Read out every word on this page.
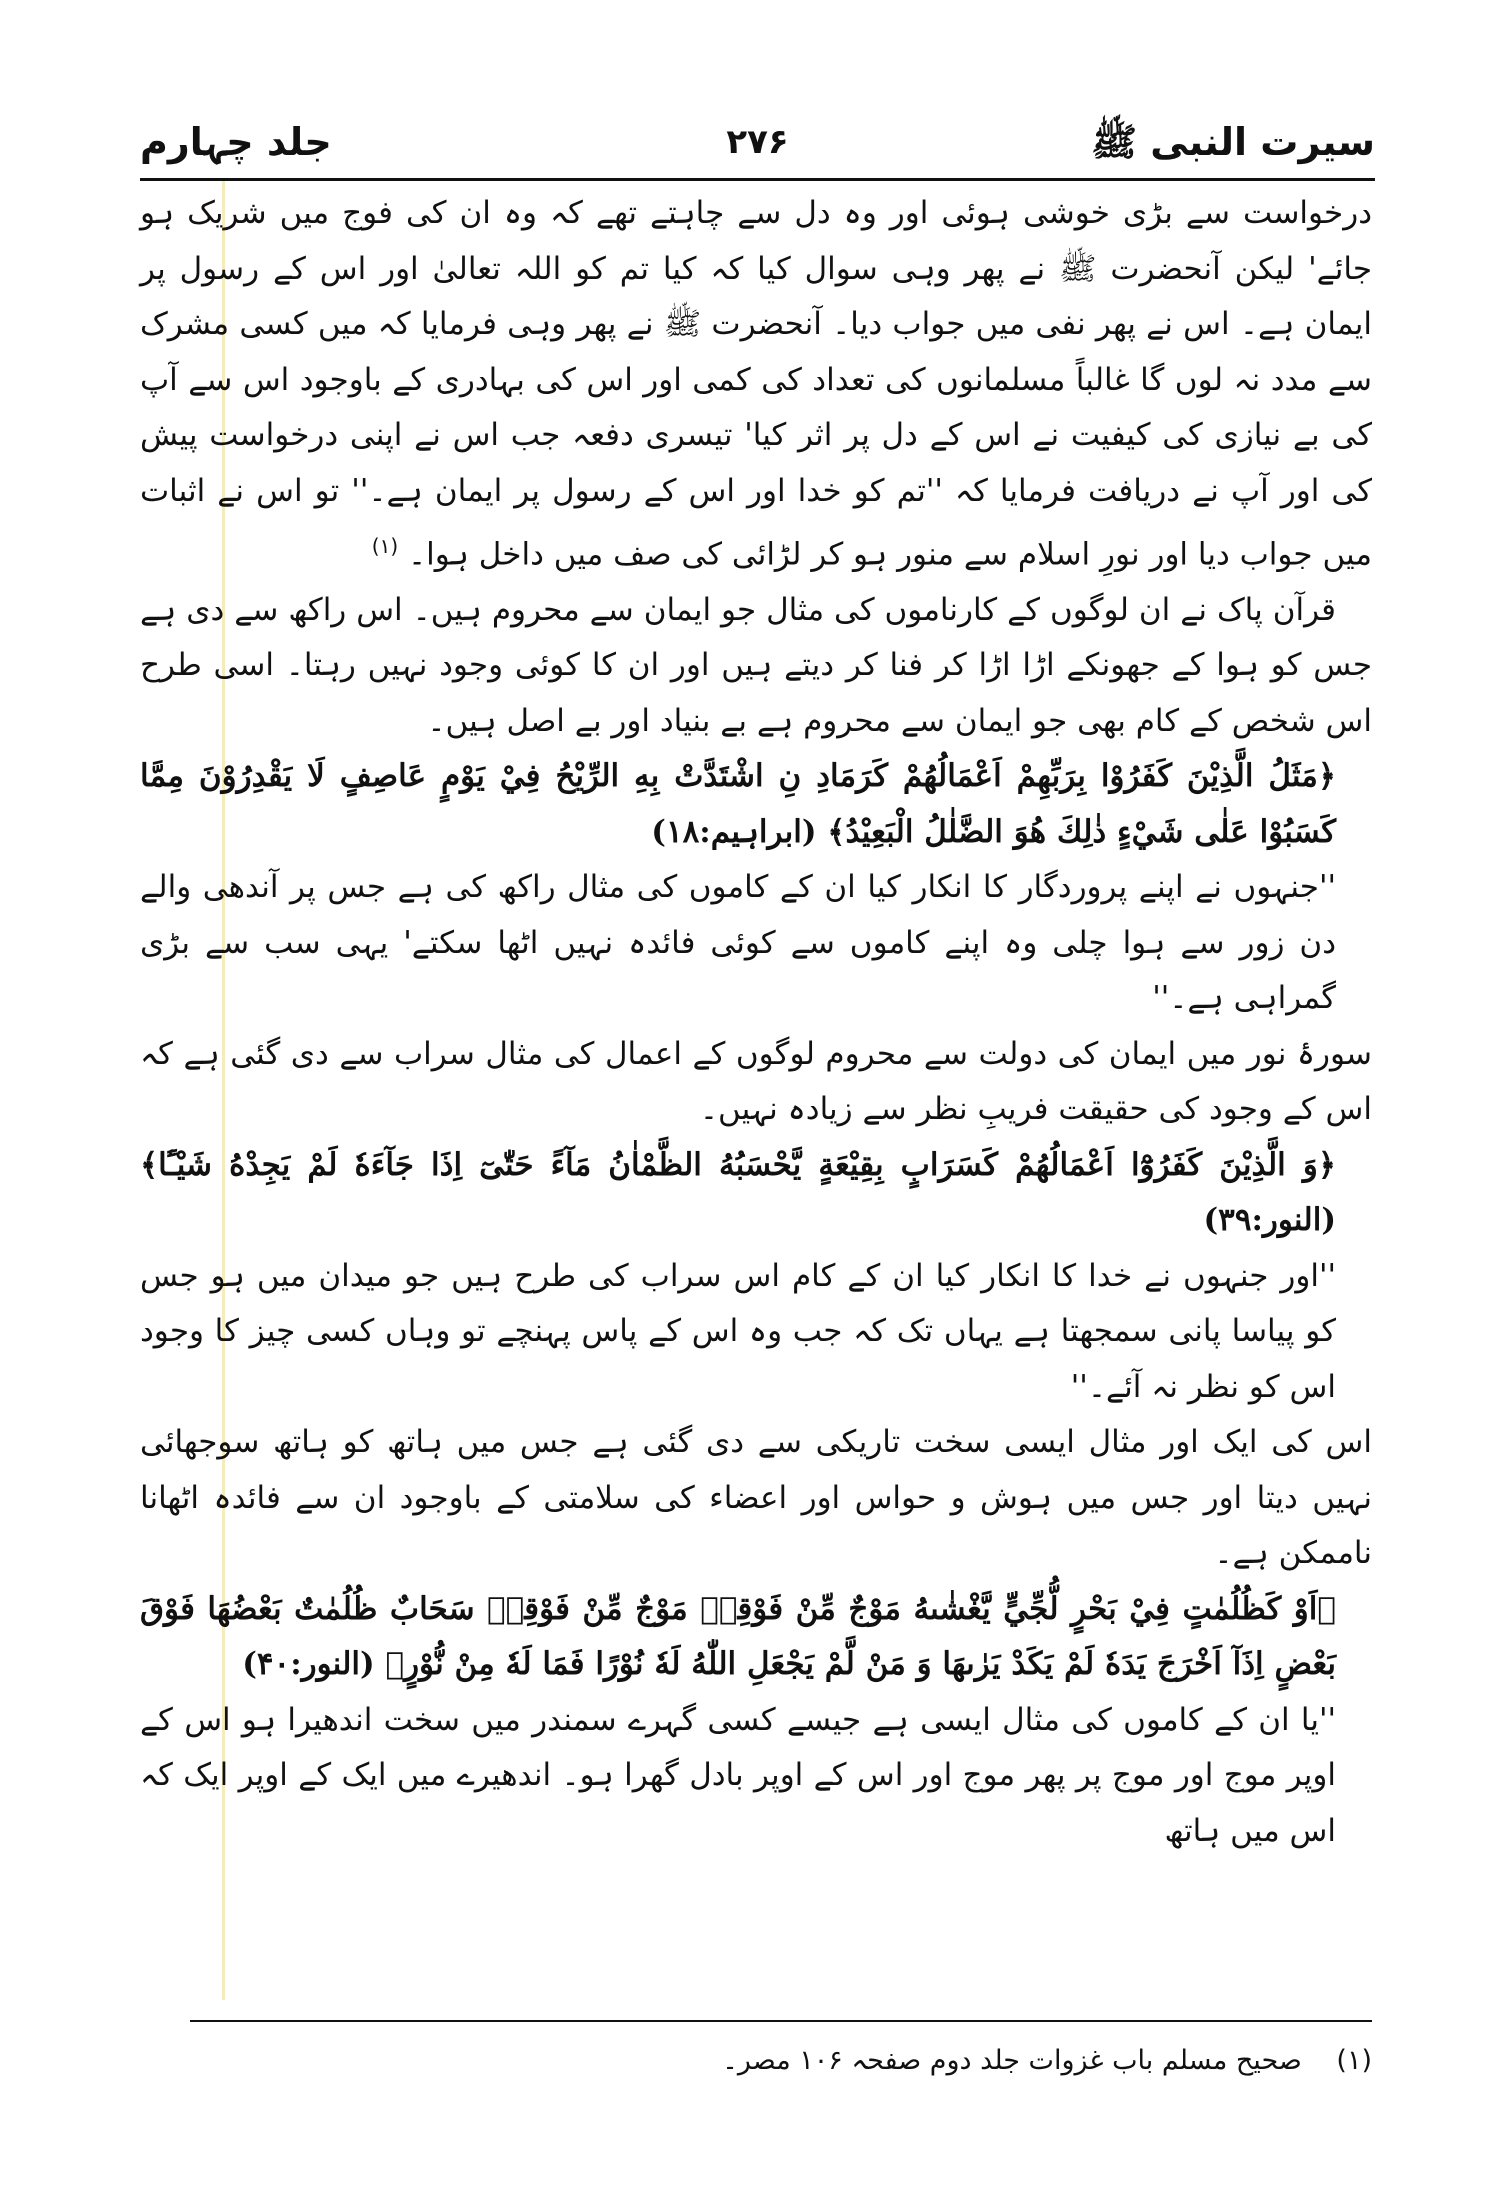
سیرت النبی ﷺ
۲۷۶
جلد چہارم

درخواست سے بڑی خوشی ہوئی اور وہ دل سے چاہتے تھے کہ وہ ان کی فوج میں شریک ہو جائے' لیکن آنحضرت ﷺ نے پھر وہی سوال کیا کہ کیا تم کو اللہ تعالیٰ اور اس کے رسول پر ایمان ہے۔ اس نے پھر نفی میں جواب دیا۔ آنحضرت ﷺ نے پھر وہی فرمایا کہ میں کسی مشرک سے مدد نہ لوں گا غالباً مسلمانوں کی تعداد کی کمی اور اس کی بہادری کے باوجود اس سے آپ کی بے نیازی کی کیفیت نے اس کے دل پر اثر کیا' تیسری دفعہ جب اس نے اپنی درخواست پیش کی اور آپ نے دریافت فرمایا کہ ''تم کو خدا اور اس کے رسول پر ایمان ہے۔'' تو اس نے اثبات میں جواب دیا اور نورِ اسلام سے منور ہو کر لڑائی کی صف میں داخل ہوا۔ $^{(۱)}$

قرآن پاک نے ان لوگوں کے کارناموں کی مثال جو ایمان سے محروم ہیں۔ اس راکھ سے دی ہے جس کو ہوا کے جھونکے اڑا اڑا کر فنا کر دیتے ہیں اور ان کا کوئی وجود نہیں رہتا۔ اسی طرح اس شخص کے کام بھی جو ایمان سے محروم ہے بے بنیاد اور بے اصل ہیں۔

﴿مَثَلُ الَّذِيْنَ كَفَرُوْا بِرَبِّهِمْ اَعْمَالُهُمْ كَرَمَادِ نِ اشْتَدَّتْ بِهِ الرِّيْحُ فِيْ يَوْمٍ عَاصِفٍ لَا يَقْدِرُوْنَ مِمَّا كَسَبُوْا عَلٰى شَيْءٍ ذٰلِكَ هُوَ الضَّلٰلُ الْبَعِيْدُ﴾ (ابراہیم:۱۸)

''جنہوں نے اپنے پروردگار کا انکار کیا ان کے کاموں کی مثال راکھ کی ہے جس پر آندھی والے دن زور سے ہوا چلی وہ اپنے کاموں سے کوئی فائدہ نہیں اٹھا سکتے' یہی سب سے بڑی گمراہی ہے۔''

سورۂ نور میں ایمان کی دولت سے محروم لوگوں کے اعمال کی مثال سراب سے دی گئی ہے کہ اس کے وجود کی حقیقت فریبِ نظر سے زیادہ نہیں۔

﴿وَ الَّذِيْنَ كَفَرُوْٓا اَعْمَالُهُمْ كَسَرَابٍ بِقِيْعَةٍ يَّحْسَبُهُ الظَّمْاٰنُ مَآءً حَتّٰىٓ اِذَا جَآءَهٗ لَمْ يَجِدْهُ شَيْـًٔا﴾ (النور:۳۹)

''اور جنہوں نے خدا کا انکار کیا ان کے کام اس سراب کی طرح ہیں جو میدان میں ہو جس کو پیاسا پانی سمجھتا ہے یہاں تک کہ جب وہ اس کے پاس پہنچے تو وہاں کسی چیز کا وجود اس کو نظر نہ آئے۔''

اس کی ایک اور مثال ایسی سخت تاریکی سے دی گئی ہے جس میں ہاتھ کو ہاتھ سوجھائی نہیں دیتا اور جس میں ہوش و حواس اور اعضاء کی سلامتی کے باوجود ان سے فائدہ اٹھانا ناممکن ہے۔

﴿اَوْ كَظُلُمٰتٍ فِيْ بَحْرٍ لُّجِّيٍّ يَّغْشٰىهُ مَوْجٌ مِّنْ فَوْقِهٖ مَوْجٌ مِّنْ فَوْقِهٖ سَحَابٌ ظُلُمٰتٌ بَعْضُهَا فَوْقَ بَعْضٍ اِذَآ اَخْرَجَ يَدَهٗ لَمْ يَكَدْ يَرٰىهَا وَ مَنْ لَّمْ يَجْعَلِ اللّٰهُ لَهٗ نُوْرًا فَمَا لَهٗ مِنْ نُّوْرٍ﴾ (النور:۴۰)

''یا ان کے کاموں کی مثال ایسی ہے جیسے کسی گہرے سمندر میں سخت اندھیرا ہو اس کے اوپر موج اور موج پر پھر موج اور اس کے اوپر بادل گھرا ہو۔ اندھیرے میں ایک کے اوپر ایک کہ اس میں ہاتھ

(۱) صحیح مسلم باب غزوات جلد دوم صفحہ ۱۰۶ مصر۔
